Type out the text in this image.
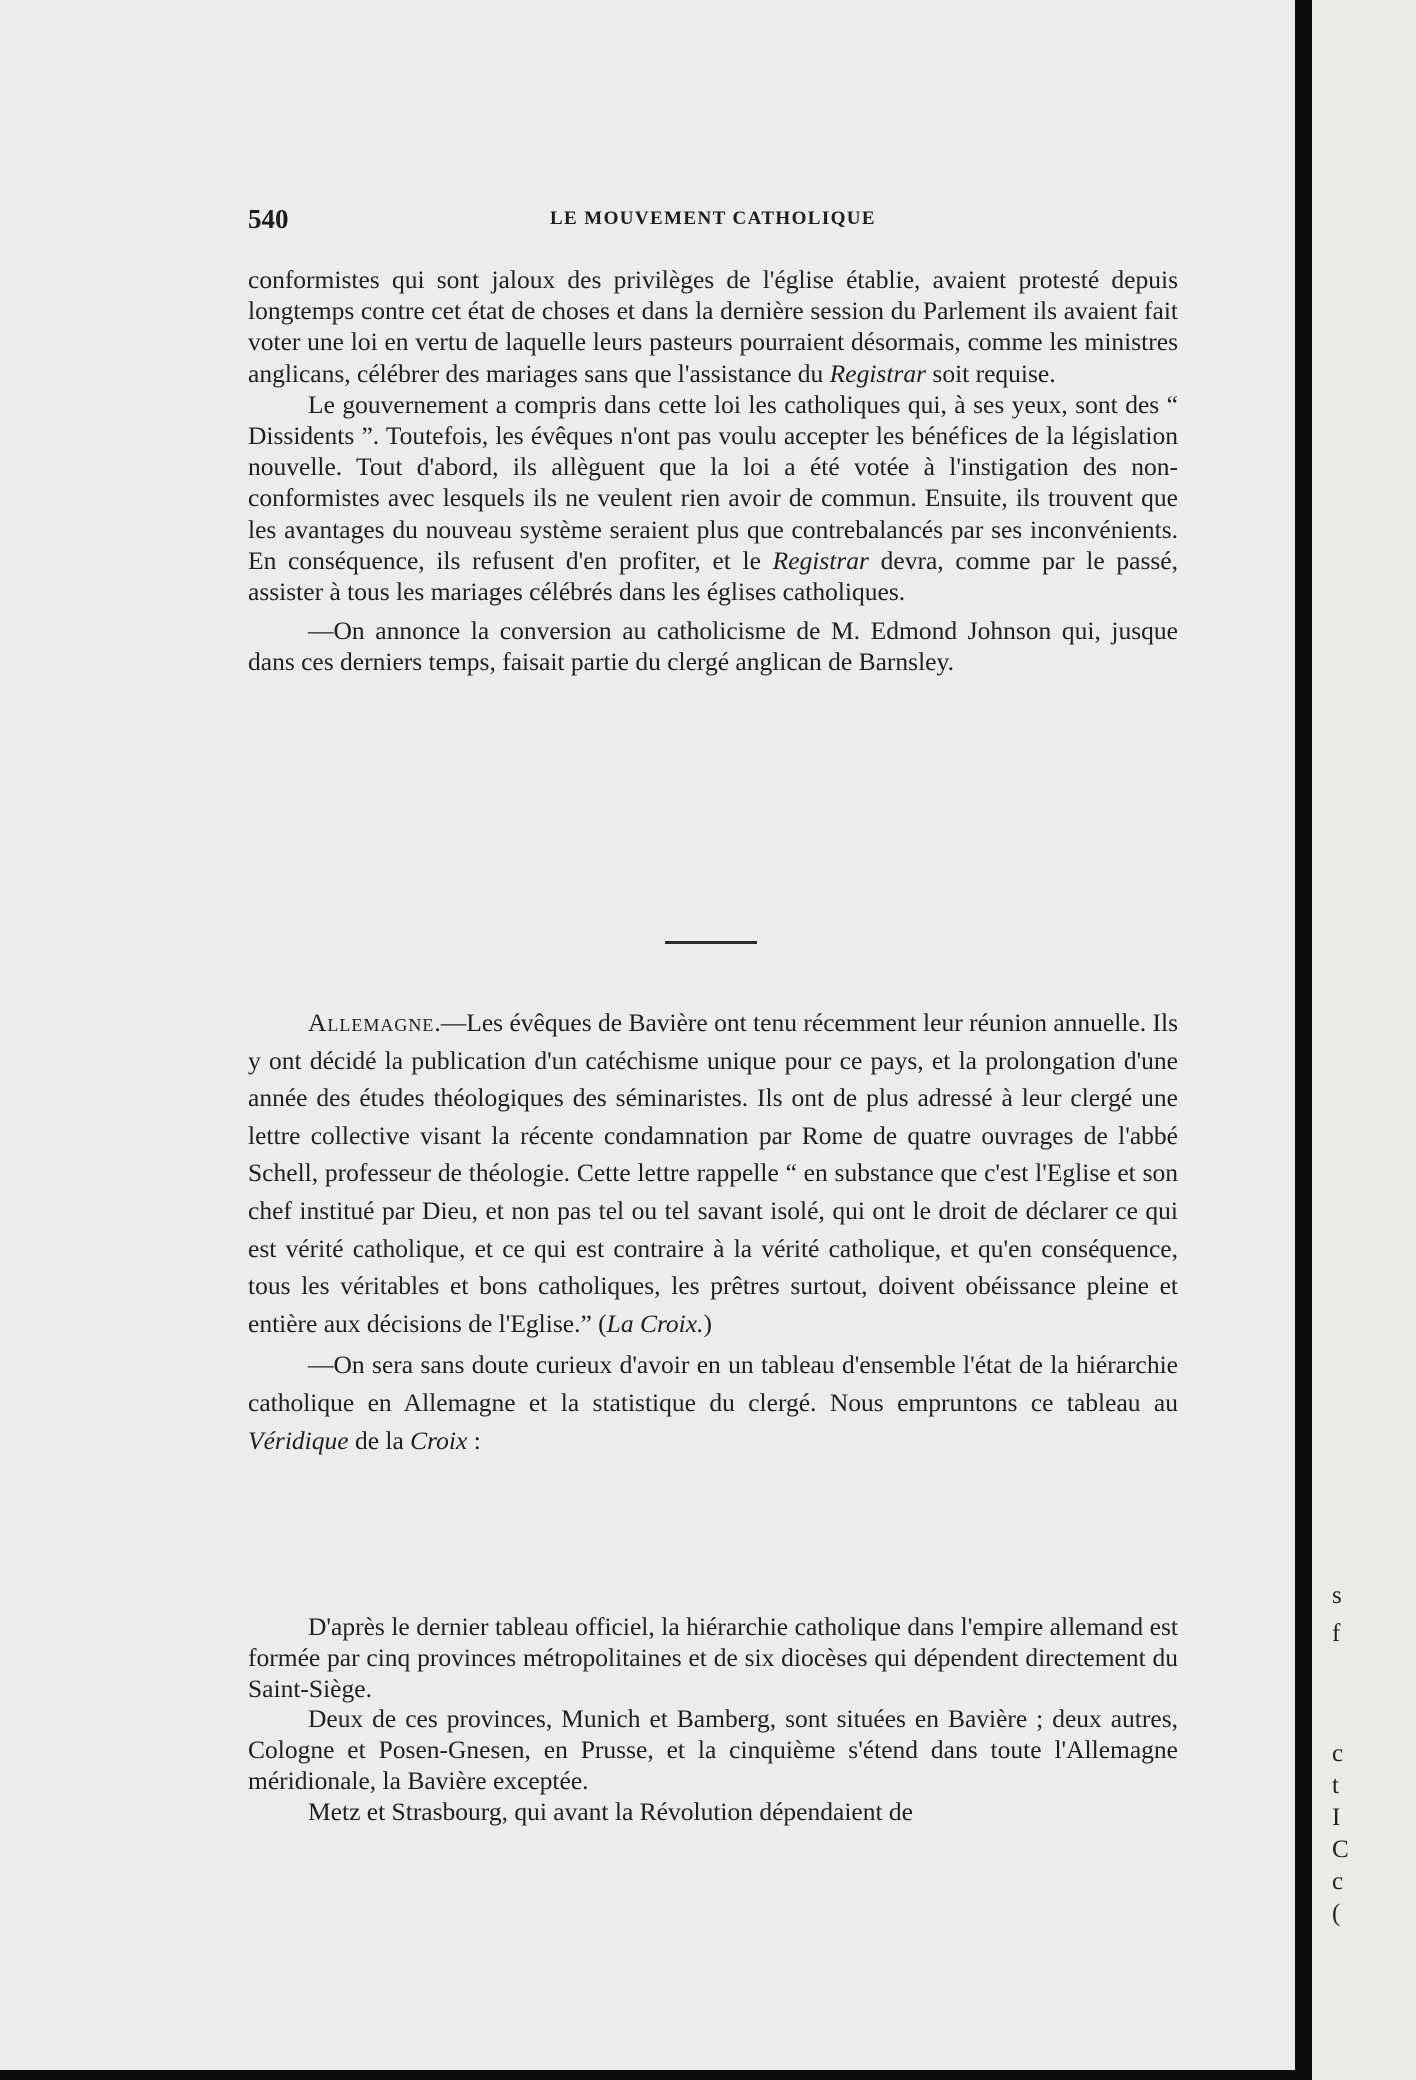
540	LE MOUVEMENT CATHOLIQUE

conformistes qui sont jaloux des privilèges de l'église établie, avaient protesté depuis longtemps contre cet état de choses et dans la dernière session du Parlement ils avaient fait voter une loi en vertu de laquelle leurs pasteurs pourraient désormais, comme les ministres anglicans, célébrer des mariages sans que l'assistance du Registrar soit requise.

Le gouvernement a compris dans cette loi les catholiques qui, à ses yeux, sont des “ Dissidents ”. Toutefois, les évêques n'ont pas voulu accepter les bénéfices de la législation nouvelle. Tout d'abord, ils allèguent que la loi a été votée à l'instigation des non-conformistes avec lesquels ils ne veulent rien avoir de commun. Ensuite, ils trouvent que les avantages du nouveau système seraient plus que contrebalancés par ses inconvénients. En conséquence, ils refusent d'en profiter, et le Registrar devra, comme par le passé, assister à tous les mariages célébrés dans les églises catholiques.

—On annonce la conversion au catholicisme de M. Edmond Johnson qui, jusque dans ces derniers temps, faisait partie du clergé anglican de Barnsley.

Allemagne.—Les évêques de Bavière ont tenu récemment leur réunion annuelle. Ils y ont décidé la publication d'un catéchisme unique pour ce pays, et la prolongation d'une année des études théologiques des séminaristes. Ils ont de plus adressé à leur clergé une lettre collective visant la récente condamnation par Rome de quatre ouvrages de l'abbé Schell, professeur de théologie. Cette lettre rappelle “ en substance que c'est l'Eglise et son chef institué par Dieu, et non pas tel ou tel savant isolé, qui ont le droit de déclarer ce qui est vérité catholique, et ce qui est contraire à la vérité catholique, et qu'en conséquence, tous les véritables et bons catholiques, les prêtres surtout, doivent obéissance pleine et entière aux décisions de l'Eglise.” (La Croix.)

—On sera sans doute curieux d'avoir en un tableau d'ensemble l'état de la hiérarchie catholique en Allemagne et la statistique du clergé. Nous empruntons ce tableau au Véridique de la Croix :

D'après le dernier tableau officiel, la hiérarchie catholique dans l'empire allemand est formée par cinq provinces métropolitaines et de six diocèses qui dépendent directement du Saint-Siège.

Deux de ces provinces, Munich et Bamberg, sont situées en Bavière ; deux autres, Cologne et Posen-Gnesen, en Prusse, et la cinquième s'étend dans toute l'Allemagne méridionale, la Bavière exceptée.

Metz et Strasbourg, qui avant la Révolution dépendaient de

s
f
c
t
I
C
c
(
